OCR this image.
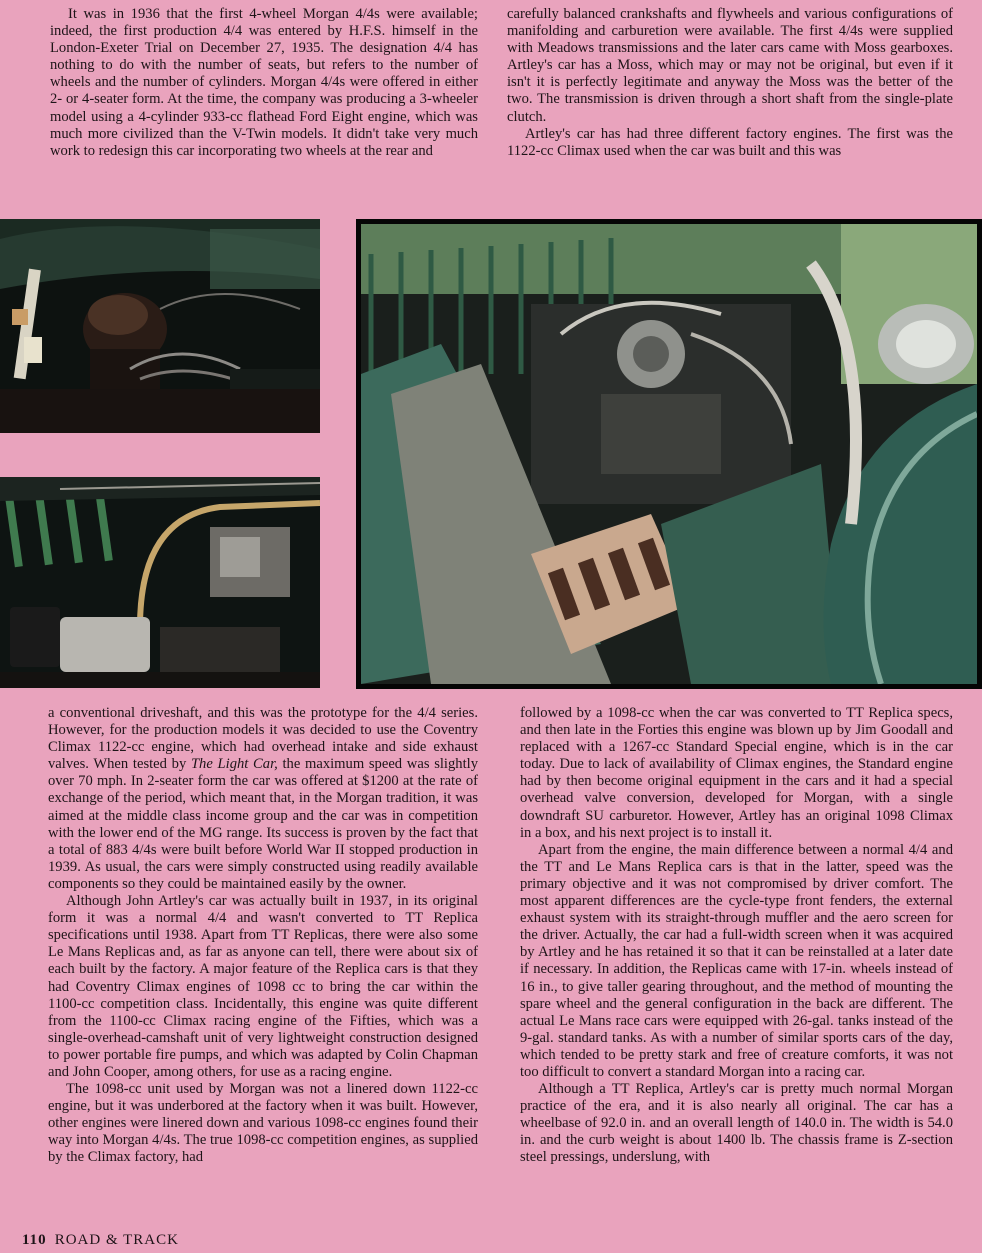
It was in 1936 that the first 4-wheel Morgan 4/4s were available; indeed, the first production 4/4 was entered by H.F.S. himself in the London-Exeter Trial on December 27, 1935. The designation 4/4 has nothing to do with the number of seats, but refers to the number of wheels and the number of cylinders. Morgan 4/4s were offered in either 2- or 4-seater form. At the time, the company was producing a 3-wheeler model using a 4-cylinder 933-cc flathead Ford Eight engine, which was much more civilized than the V-Twin models. It didn't take very much work to redesign this car incorporating two wheels at the rear and

carefully balanced crankshafts and flywheels and various configurations of manifolding and carburetion were available. The first 4/4s were supplied with Meadows transmissions and the later cars came with Moss gearboxes. Artley's car has a Moss, which may or may not be original, but even if it isn't it is perfectly legitimate and anyway the Moss was the better of the two. The transmission is driven through a short shaft from the single-plate clutch.

Artley's car has had three different factory engines. The first was the 1122-cc Climax used when the car was built and this was

a conventional driveshaft, and this was the prototype for the 4/4 series. However, for the production models it was decided to use the Coventry Climax 1122-cc engine, which had overhead intake and side exhaust valves. When tested by The Light Car, the maximum speed was slightly over 70 mph. In 2-seater form the car was offered at $1200 at the rate of exchange of the period, which meant that, in the Morgan tradition, it was aimed at the middle class income group and the car was in competition with the lower end of the MG range. Its success is proven by the fact that a total of 883 4/4s were built before World War II stopped production in 1939. As usual, the cars were simply constructed using readily available components so they could be maintained easily by the owner.

Although John Artley's car was actually built in 1937, in its original form it was a normal 4/4 and wasn't converted to TT Replica specifications until 1938. Apart from TT Replicas, there were also some Le Mans Replicas and, as far as anyone can tell, there were about six of each built by the factory. A major feature of the Replica cars is that they had Coventry Climax engines of 1098 cc to bring the car within the 1100-cc competition class. Incidentally, this engine was quite different from the 1100-cc Climax racing engine of the Fifties, which was a single-overhead-camshaft unit of very lightweight construction designed to power portable fire pumps, and which was adapted by Colin Chapman and John Cooper, among others, for use as a racing engine.

The 1098-cc unit used by Morgan was not a linered down 1122-cc engine, but it was underbored at the factory when it was built. However, other engines were linered down and various 1098-cc engines found their way into Morgan 4/4s. The true 1098-cc competition engines, as supplied by the Climax factory, had

followed by a 1098-cc when the car was converted to TT Replica specs, and then late in the Forties this engine was blown up by Jim Goodall and replaced with a 1267-cc Standard Special engine, which is in the car today. Due to lack of availability of Climax engines, the Standard engine had by then become original equipment in the cars and it had a special overhead valve conversion, developed for Morgan, with a single downdraft SU carburetor. However, Artley has an original 1098 Climax in a box, and his next project is to install it.

Apart from the engine, the main difference between a normal 4/4 and the TT and Le Mans Replica cars is that in the latter, speed was the primary objective and it was not compromised by driver comfort. The most apparent differences are the cycle-type front fenders, the external exhaust system with its straight-through muffler and the aero screen for the driver. Actually, the car had a full-width screen when it was acquired by Artley and he has retained it so that it can be reinstalled at a later date if necessary. In addition, the Replicas came with 17-in. wheels instead of 16 in., to give taller gearing throughout, and the method of mounting the spare wheel and the general configuration in the back are different. The actual Le Mans race cars were equipped with 26-gal. tanks instead of the 9-gal. standard tanks. As with a number of similar sports cars of the day, which tended to be pretty stark and free of creature comforts, it was not too difficult to convert a standard Morgan into a racing car.

Although a TT Replica, Artley's car is pretty much normal Morgan practice of the era, and it is also nearly all original. The car has a wheelbase of 92.0 in. and an overall length of 140.0 in. The width is 54.0 in. and the curb weight is about 1400 lb. The chassis frame is Z-section steel pressings, underslung, with

110 ROAD & TRACK
